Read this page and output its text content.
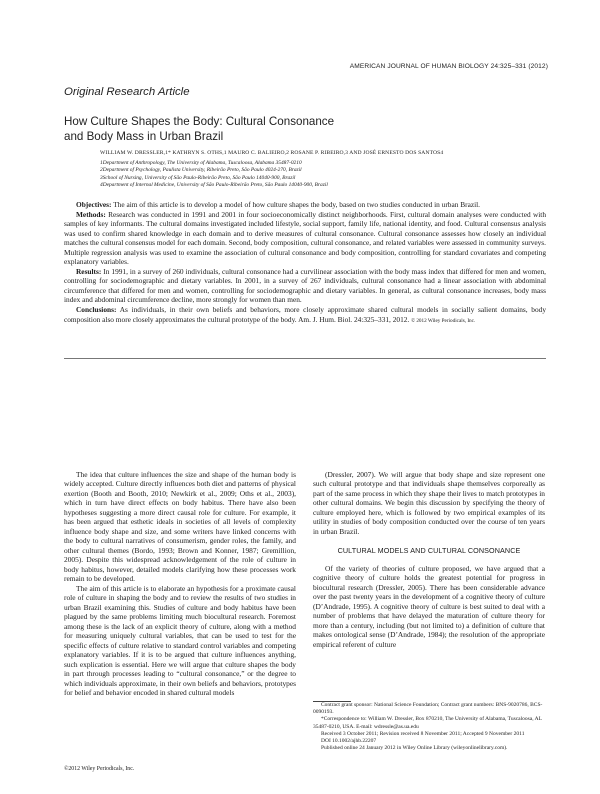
AMERICAN JOURNAL OF HUMAN BIOLOGY 24:325–331 (2012)
Original Research Article
How Culture Shapes the Body: Cultural Consonance
and Body Mass in Urban Brazil
WILLIAM W. DRESSLER,1* KATHRYN S. OTHS,1 MAURO C. BALIEIRO,2 ROSANE P. RIBEIRO,3 AND JOSÉ ERNESTO DOS SANTOS4
1Department of Anthropology, The University of Alabama, Tuscaloosa, Alabama 35487-0210
2Department of Psychology, Paulista University, Ribeirão Preto, São Paulo 4024-270, Brazil
3School of Nursing, University of São Paulo-Ribeirão Preto, São Paulo 14040-900, Brazil
4Department of Internal Medicine, University of São Paulo-Ribeirão Preto, São Paulo 14040-900, Brazil

Objectives: The aim of this article is to develop a model of how culture shapes the body, based on two studies conducted in urban Brazil.

Methods: Research was conducted in 1991 and 2001 in four socioeconomically distinct neighborhoods. First, cultural domain analyses were conducted with samples of key informants. The cultural domains investigated included lifestyle, social support, family life, national identity, and food. Cultural consensus analysis was used to confirm shared knowledge in each domain and to derive measures of cultural consonance. Cultural consonance assesses how closely an individual matches the cultural consensus model for each domain. Second, body composition, cultural consonance, and related variables were assessed in community surveys. Multiple regression analysis was used to examine the association of cultural consonance and body composition, controlling for standard covariates and competing explanatory variables.

Results: In 1991, in a survey of 260 individuals, cultural consonance had a curvilinear association with the body mass index that differed for men and women, controlling for sociodemographic and dietary variables. In 2001, in a survey of 267 individuals, cultural consonance had a linear association with abdominal circumference that differed for men and women, controlling for sociodemographic and dietary variables. In general, as cultural consonance increases, body mass index and abdominal circumference decline, more strongly for women than men.

Conclusions: As individuals, in their own beliefs and behaviors, more closely approximate shared cultural models in socially salient domains, body composition also more closely approximates the cultural prototype of the body. Am. J. Hum. Biol. 24:325–331, 2012. © 2012 Wiley Periodicals, Inc.

The idea that culture influences the size and shape of the human body is widely accepted. Culture directly influences both diet and patterns of physical exertion (Booth and Booth, 2010; Newkirk et al., 2009; Oths et al., 2003), which in turn have direct effects on body habitus. There have also been hypotheses suggesting a more direct causal role for culture. For example, it has been argued that esthetic ideals in societies of all levels of complexity influence body shape and size, and some writers have linked concerns with the body to cultural narratives of consumerism, gender roles, the family, and other cultural themes (Bordo, 1993; Brown and Konner, 1987; Gremillion, 2005). Despite this widespread acknowledgement of the role of culture in body habitus, however, detailed models clarifying how these processes work remain to be developed.

The aim of this article is to elaborate an hypothesis for a proximate causal role of culture in shaping the body and to review the results of two studies in urban Brazil examining this. Studies of culture and body habitus have been plagued by the same problems limiting much biocultural research. Foremost among these is the lack of an explicit theory of culture, along with a method for measuring uniquely cultural variables, that can be used to test for the specific effects of culture relative to standard control variables and competing explanatory variables. If it is to be argued that culture influences anything, such explication is essential. Here we will argue that culture shapes the body in part through processes leading to “cultural consonance,” or the degree to which individuals approximate, in their own beliefs and behaviors, prototypes for belief and behavior encoded in shared cultural models

(Dressler, 2007). We will argue that body shape and size represent one such cultural prototype and that individuals shape themselves corporeally as part of the same process in which they shape their lives to match prototypes in other cultural domains. We begin this discussion by specifying the theory of culture employed here, which is followed by two empirical examples of its utility in studies of body composition conducted over the course of ten years in urban Brazil.

CULTURAL MODELS AND CULTURAL CONSONANCE

Of the variety of theories of culture proposed, we have argued that a cognitive theory of culture holds the greatest potential for progress in biocultural research (Dressler, 2005). There has been considerable advance over the past twenty years in the development of a cognitive theory of culture (D’Andrade, 1995). A cognitive theory of culture is best suited to deal with a number of problems that have delayed the maturation of culture theory for more than a century, including (but not limited to) a definition of culture that makes ontological sense (D’Andrade, 1984); the resolution of the appropriate empirical referent of culture

Contract grant sponsor: National Science Foundation; Contract grant numbers: BNS-9020786, BCS-0090193.

*Correspondence to: William W. Dressler, Box 870210, The University of Alabama, Tuscaloosa, AL 35487-0210, USA. E-mail: wdressle@as.ua.edu

Received 3 October 2011; Revision received 8 November 2011; Accepted 9 November 2011

DOI 10.1002/ajhb.22207

Published online 24 January 2012 in Wiley Online Library (wileyonlinelibrary.com).

©2012 Wiley Periodicals, Inc.
